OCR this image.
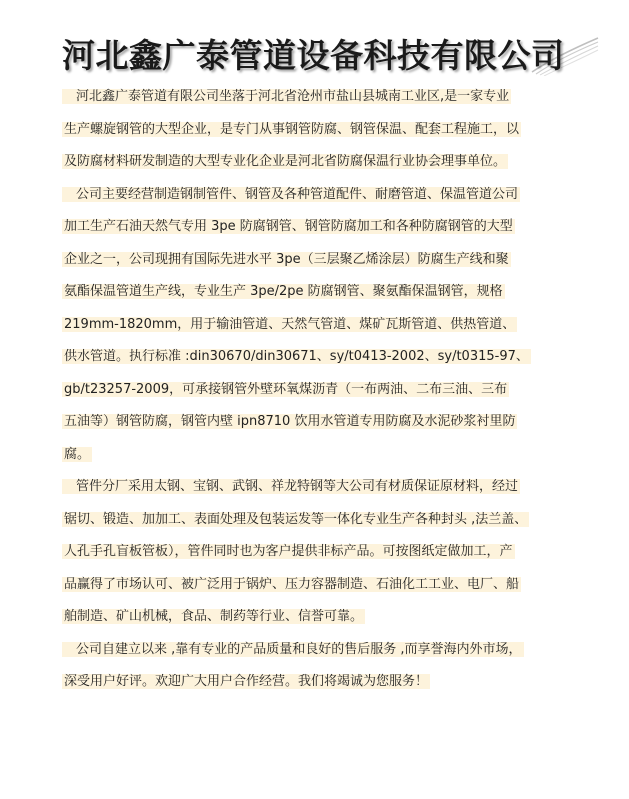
河北鑫广泰管道设备科技有限公司
河北鑫广泰管道有限公司坐落于河北省沧州市盐山县城南工业区,是一家专业
生产螺旋钢管的大型企业，是专门从事钢管防腐、钢管保温、配套工程施工，以
及防腐材料研发制造的大型专业化企业是河北省防腐保温行业协会理事单位。
公司主要经营制造钢制管件、钢管及各种管道配件、耐磨管道、保温管道公司
加工生产石油天然气专用 3pe 防腐钢管、钢管防腐加工和各种防腐钢管的大型
企业之一，公司现拥有国际先进水平 3pe（三层聚乙烯涂层）防腐生产线和聚
氨酯保温管道生产线，专业生产 3pe/2pe 防腐钢管、聚氨酯保温钢管，规格
219mm-1820mm，用于输油管道、天然气管道、煤矿瓦斯管道、供热管道、
供水管道。执行标准 :din30670/din30671、sy/t0413-2002、sy/t0315-97、
gb/t23257-2009，可承接钢管外壁环氧煤沥青（一布两油、二布三油、三布
五油等）钢管防腐，钢管内壁 ipn8710 饮用水管道专用防腐及水泥砂浆衬里防
腐。
管件分厂采用太钢、宝钢、武钢、祥龙特钢等大公司有材质保证原材料，经过
锯切、锻造、加加工、表面处理及包装运发等一体化专业生产各种封头 ,法兰盖、
人孔手孔盲板管板），管件同时也为客户提供非标产品。可按图纸定做加工，产
品赢得了市场认可、被广泛用于锅炉、压力容器制造、石油化工工业、电厂、船
舶制造、矿山机械，食品、制药等行业、信誉可靠。
公司自建立以来 ,靠有专业的产品质量和良好的售后服务 ,而享誉海内外市场，
深受用户好评。欢迎广大用户合作经营。我们将竭诚为您服务！
